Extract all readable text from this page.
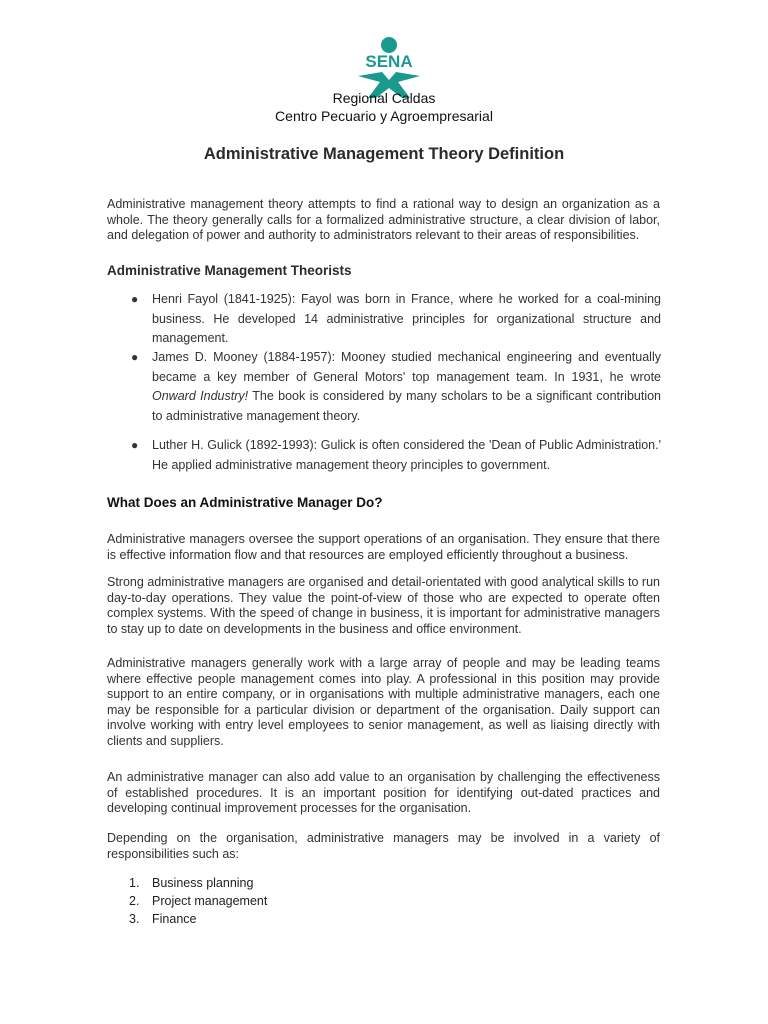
SENA
Regional Caldas
Centro Pecuario y Agroempresarial
Administrative Management Theory Definition

Administrative management theory attempts to find a rational way to design an organization as a whole. The theory generally calls for a formalized administrative structure, a clear division of labor, and delegation of power and authority to administrators relevant to their areas of responsibilities.

Administrative Management Theorists
● Henri Fayol (1841-1925): Fayol was born in France, where he worked for a coal-mining business. He developed 14 administrative principles for organizational structure and management.
● James D. Mooney (1884-1957): Mooney studied mechanical engineering and eventually became a key member of General Motors' top management team. In 1931, he wrote Onward Industry! The book is considered by many scholars to be a significant contribution to administrative management theory.
● Luther H. Gulick (1892-1993): Gulick is often considered the 'Dean of Public Administration.' He applied administrative management theory principles to government.
What Does an Administrative Manager Do?

Administrative managers oversee the support operations of an organisation. They ensure that there is effective information flow and that resources are employed efficiently throughout a business.

Strong administrative managers are organised and detail-orientated with good analytical skills to run day-to-day operations. They value the point-of-view of those who are expected to operate often complex systems. With the speed of change in business, it is important for administrative managers to stay up to date on developments in the business and office environment.

Administrative managers generally work with a large array of people and may be leading teams where effective people management comes into play. A professional in this position may provide support to an entire company, or in organisations with multiple administrative managers, each one may be responsible for a particular division or department of the organisation. Daily support can involve working with entry level employees to senior management, as well as liaising directly with clients and suppliers.

An administrative manager can also add value to an organisation by challenging the effectiveness of established procedures. It is an important position for identifying out-dated practices and developing continual improvement processes for the organisation.

Depending on the organisation, administrative managers may be involved in a variety of responsibilities such as:

1. Business planning
2. Project management
3. Finance
